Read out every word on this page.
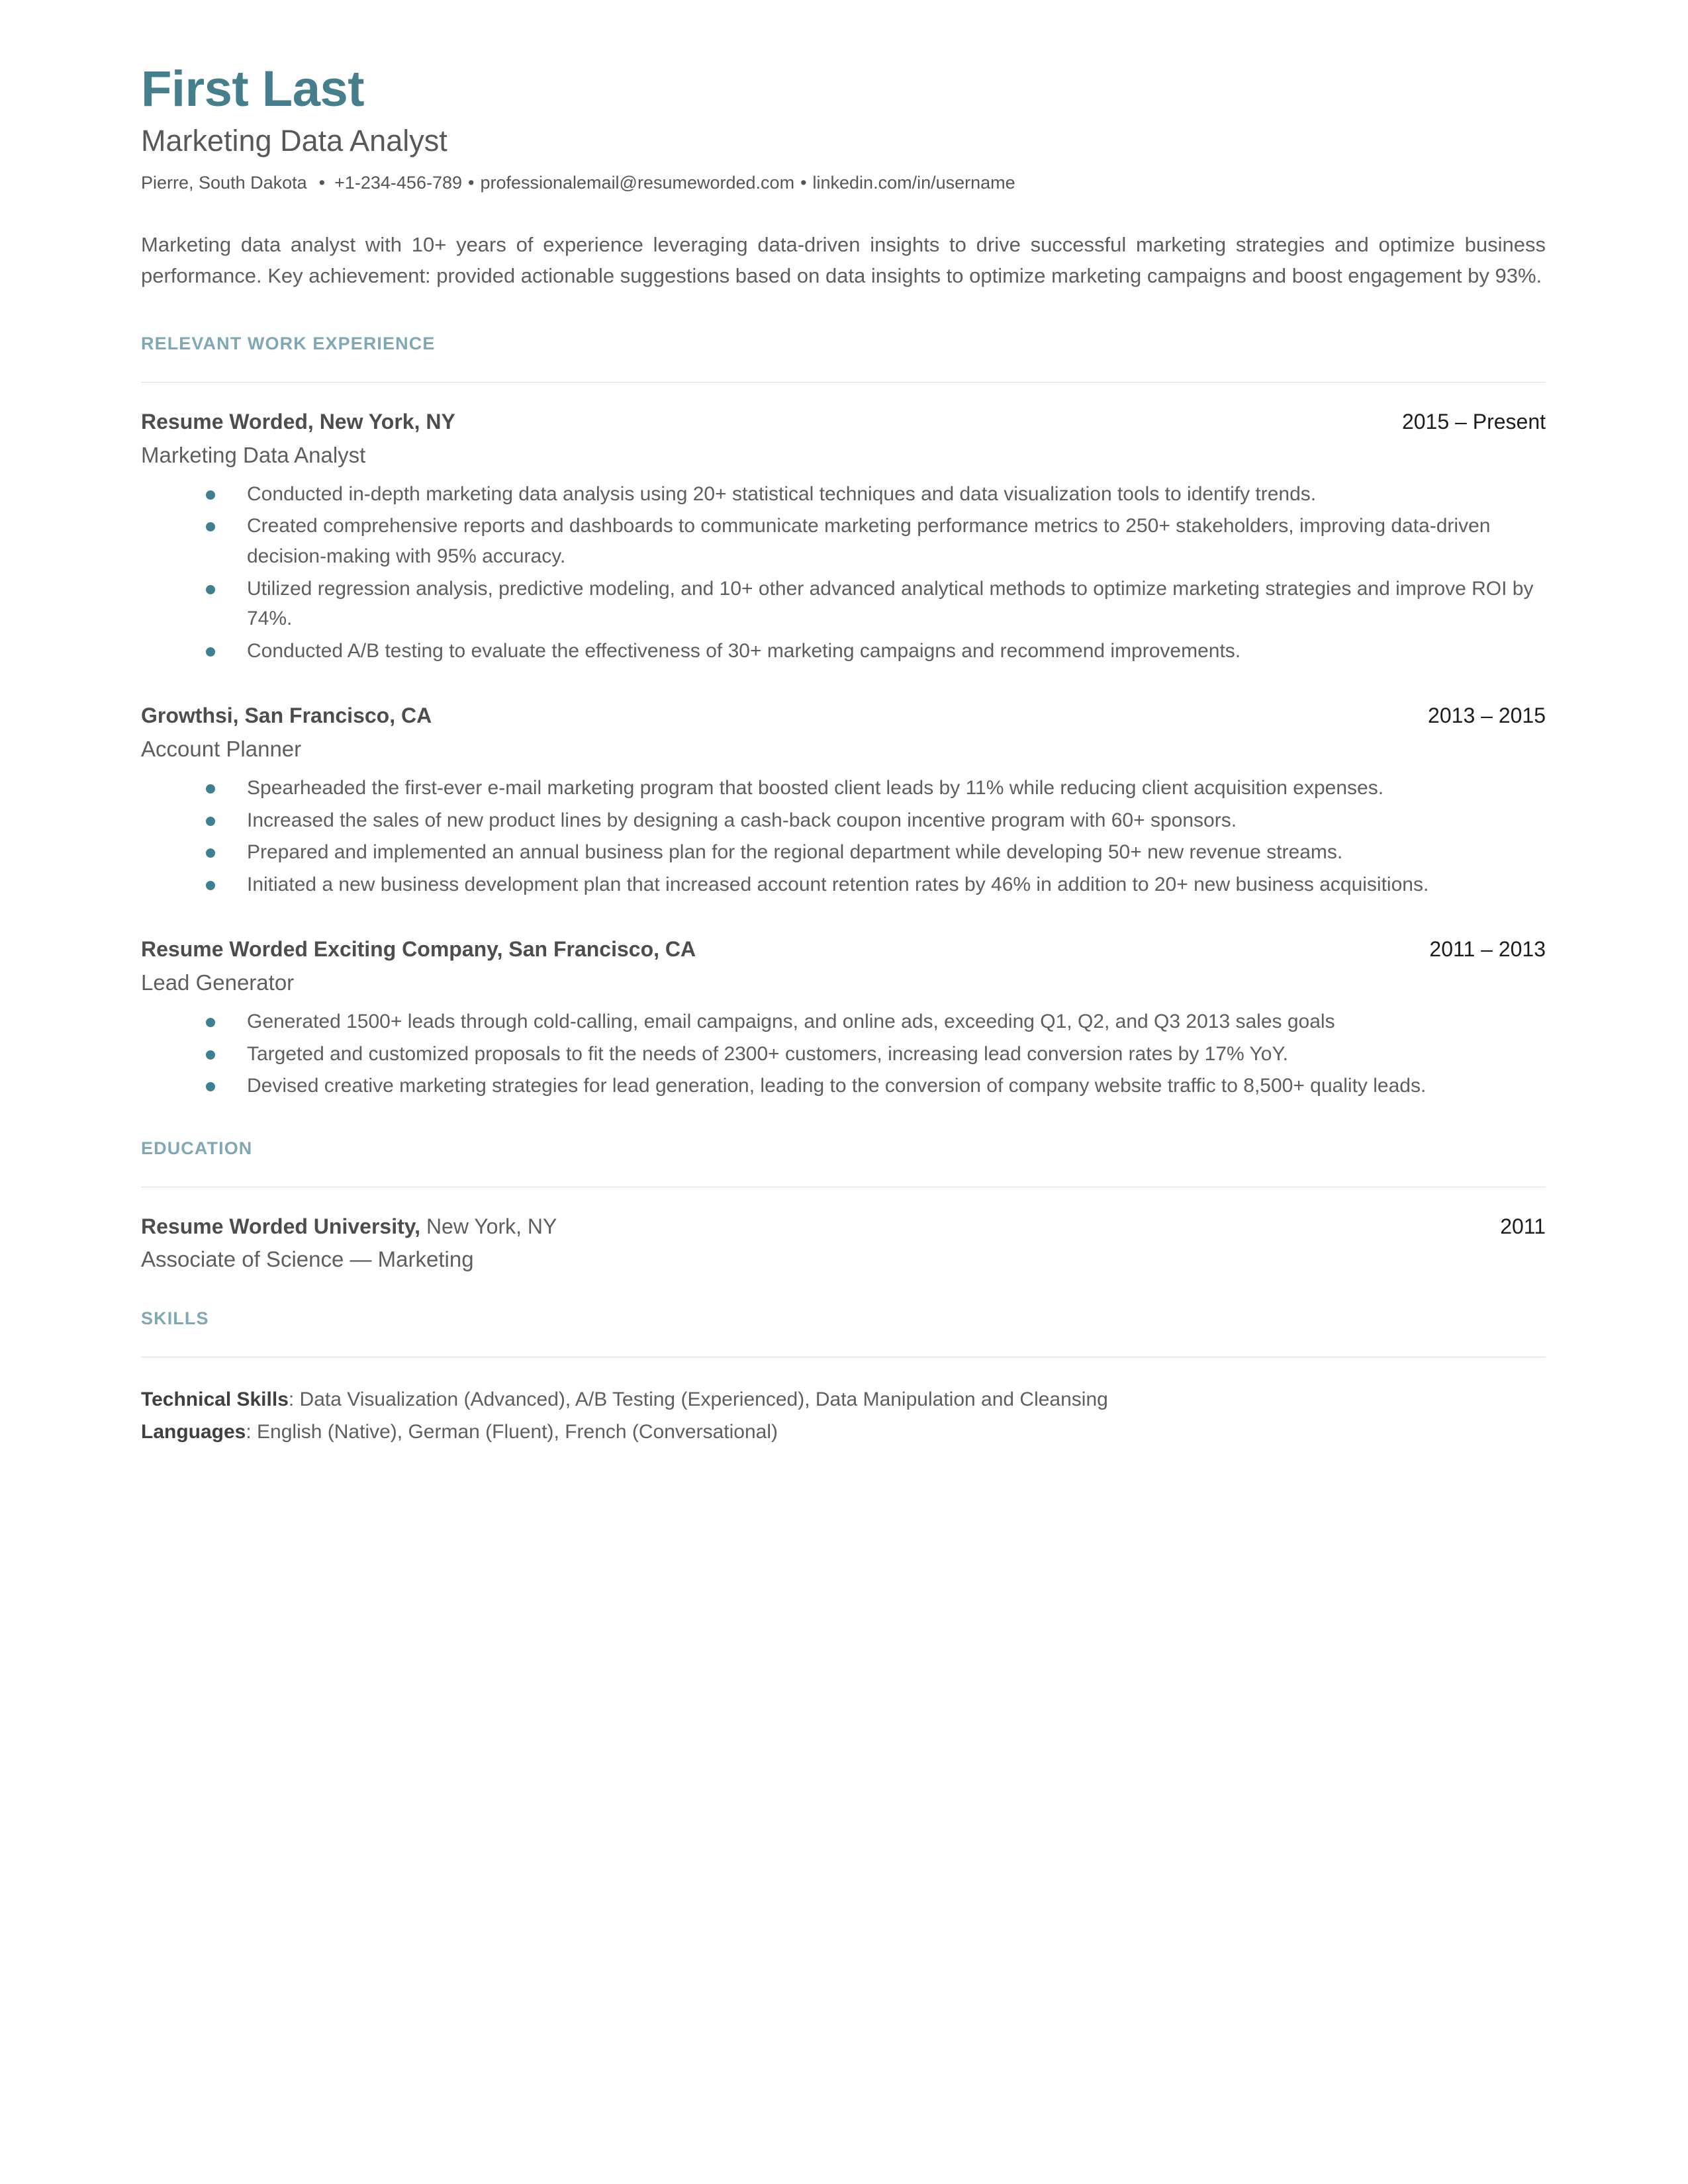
First Last
Marketing Data Analyst
Pierre, South Dakota • +1-234-456-789 • professionalemail@resumeworded.com • linkedin.com/in/username

Marketing data analyst with 10+ years of experience leveraging data-driven insights to drive successful marketing strategies and optimize business performance. Key achievement: provided actionable suggestions based on data insights to optimize marketing campaigns and boost engagement by 93%.

RELEVANT WORK EXPERIENCE
Resume Worded, New York, NY	2015 – Present
Marketing Data Analyst
Conducted in-depth marketing data analysis using 20+ statistical techniques and data visualization tools to identify trends.
Created comprehensive reports and dashboards to communicate marketing performance metrics to 250+ stakeholders, improving data-driven decision-making with 95% accuracy.
Utilized regression analysis, predictive modeling, and 10+ other advanced analytical methods to optimize marketing strategies and improve ROI by 74%.
Conducted A/B testing to evaluate the effectiveness of 30+ marketing campaigns and recommend improvements.
Growthsi, San Francisco, CA	2013 – 2015
Account Planner
Spearheaded the first-ever e-mail marketing program that boosted client leads by 11% while reducing client acquisition expenses.
Increased the sales of new product lines by designing a cash-back coupon incentive program with 60+ sponsors.
Prepared and implemented an annual business plan for the regional department while developing 50+ new revenue streams.
Initiated a new business development plan that increased account retention rates by 46% in addition to 20+ new business acquisitions.
Resume Worded Exciting Company, San Francisco, CA	2011 – 2013
Lead Generator
Generated 1500+ leads through cold-calling, email campaigns, and online ads, exceeding Q1, Q2, and Q3 2013 sales goals
Targeted and customized proposals to fit the needs of 2300+ customers, increasing lead conversion rates by 17% YoY.
Devised creative marketing strategies for lead generation, leading to the conversion of company website traffic to 8,500+ quality leads.
EDUCATION
Resume Worded University, New York, NY	2011
Associate of Science — Marketing
SKILLS
Technical Skills: Data Visualization (Advanced), A/B Testing (Experienced), Data Manipulation and Cleansing
Languages: English (Native), German (Fluent), French (Conversational)
